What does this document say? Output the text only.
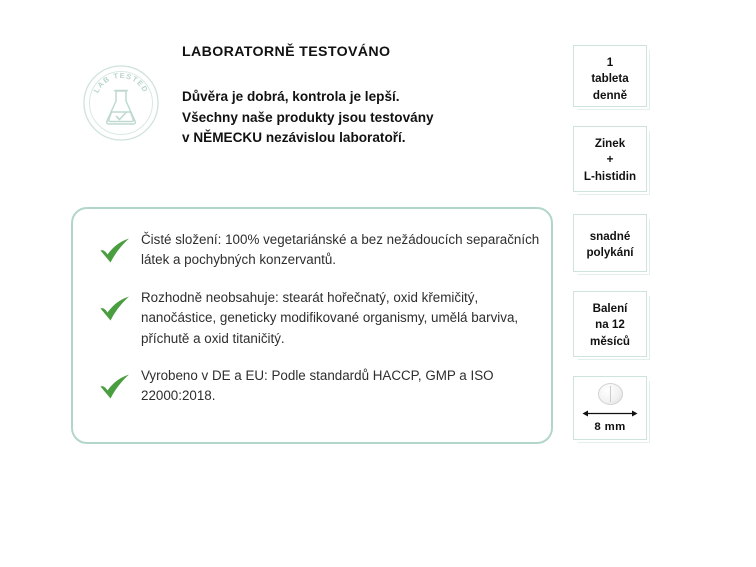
LAB TESTED
LABORATORNĚ TESTOVÁNO
Důvěra je dobrá, kontrola je lepší.
Všechny naše produkty jsou testovány
v NĚMECKU nezávislou laboratoří.
Čisté složení: 100% vegetariánské a bez nežádoucích separačních látek a pochybných konzervantů.
Rozhodně neobsahuje: stearát hořečnatý, oxid křemičitý, nanočástice, geneticky modifikované organismy, umělá barviva, příchutě a oxid titaničitý.
Vyrobeno v DE a EU: Podle standardů HACCP, GMP a ISO 22000:2018.
1
tableta
denně
Zinek
+
L-histidin
snadné
polykání
Balení
na 12
měsíců
8 mm
